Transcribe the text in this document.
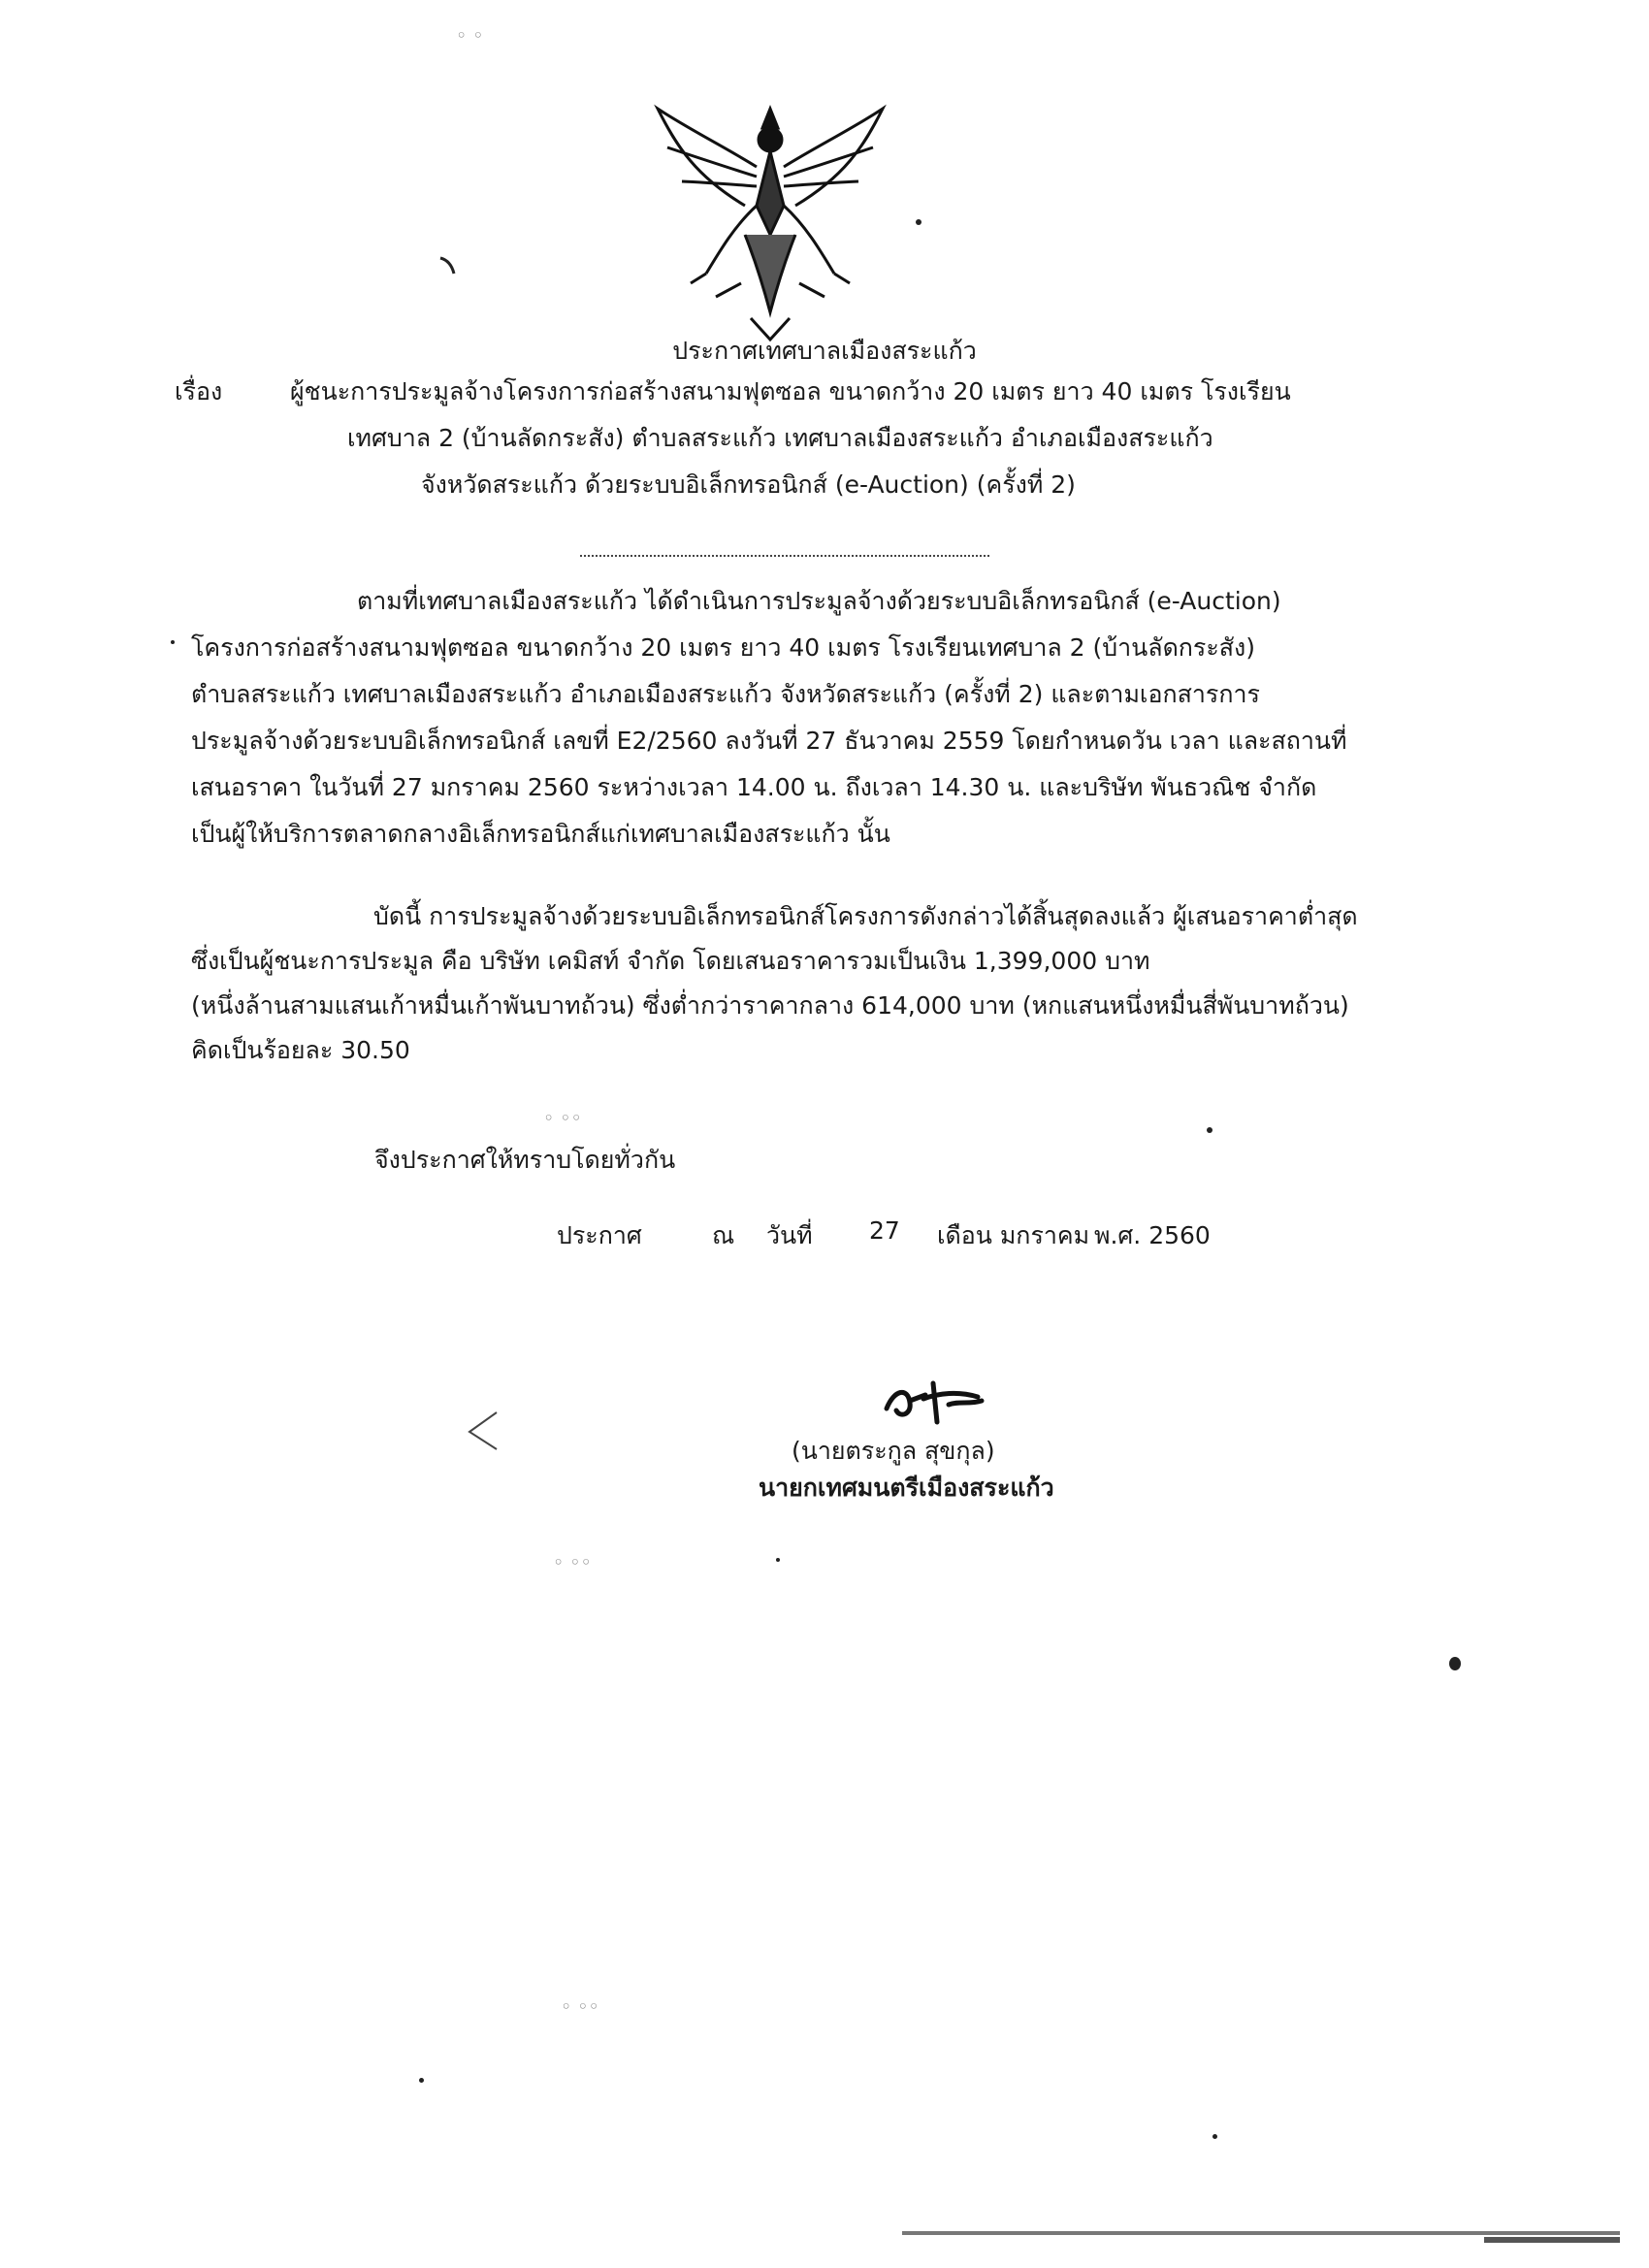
ประกาศเทศบาลเมืองสระแก้ว
เรื่อง	ผู้ชนะการประมูลจ้างโครงการก่อสร้างสนามฟุตซอล ขนาดกว้าง 20 เมตร ยาว 40 เมตร โรงเรียน
เทศบาล 2 (บ้านลัดกระสัง) ตำบลสระแก้ว เทศบาลเมืองสระแก้ว อำเภอเมืองสระแก้ว
จังหวัดสระแก้ว ด้วยระบบอิเล็กทรอนิกส์ (e-Auction) (ครั้งที่ 2)
ตามที่เทศบาลเมืองสระแก้ว ได้ดำเนินการประมูลจ้างด้วยระบบอิเล็กทรอนิกส์ (e-Auction)
โครงการก่อสร้างสนามฟุตซอล ขนาดกว้าง 20 เมตร ยาว 40 เมตร โรงเรียนเทศบาล 2 (บ้านลัดกระสัง)
ตำบลสระแก้ว เทศบาลเมืองสระแก้ว อำเภอเมืองสระแก้ว จังหวัดสระแก้ว (ครั้งที่ 2) และตามเอกสารการ
ประมูลจ้างด้วยระบบอิเล็กทรอนิกส์ เลขที่ E2/2560 ลงวันที่ 27 ธันวาคม 2559 โดยกำหนดวัน เวลา และสถานที่
เสนอราคา ในวันที่ 27 มกราคม 2560 ระหว่างเวลา 14.00 น. ถึงเวลา 14.30 น. และบริษัท พันธวณิช จำกัด
เป็นผู้ให้บริการตลาดกลางอิเล็กทรอนิกส์แก่เทศบาลเมืองสระแก้ว นั้น
บัดนี้ การประมูลจ้างด้วยระบบอิเล็กทรอนิกส์โครงการดังกล่าวได้สิ้นสุดลงแล้ว ผู้เสนอราคาต่ำสุด
ซึ่งเป็นผู้ชนะการประมูล คือ บริษัท เคมิสท์ จำกัด โดยเสนอราคารวมเป็นเงิน 1,399,000 บาท
(หนึ่งล้านสามแสนเก้าหมื่นเก้าพันบาทถ้วน) ซึ่งต่ำกว่าราคากลาง 614,000 บาท (หกแสนหนึ่งหมื่นสี่พันบาทถ้วน)
คิดเป็นร้อยละ 30.50
จึงประกาศให้ทราบโดยทั่วกัน
ประกาศ	ณ วันที่ 27 เดือน มกราคม พ.ศ. 2560
(นายตระกูล สุขกุล)
นายกเทศมนตรีเมืองสระแก้ว
◦ ◦
◦ ◦◦
◦ ◦◦
◦ ◦◦
